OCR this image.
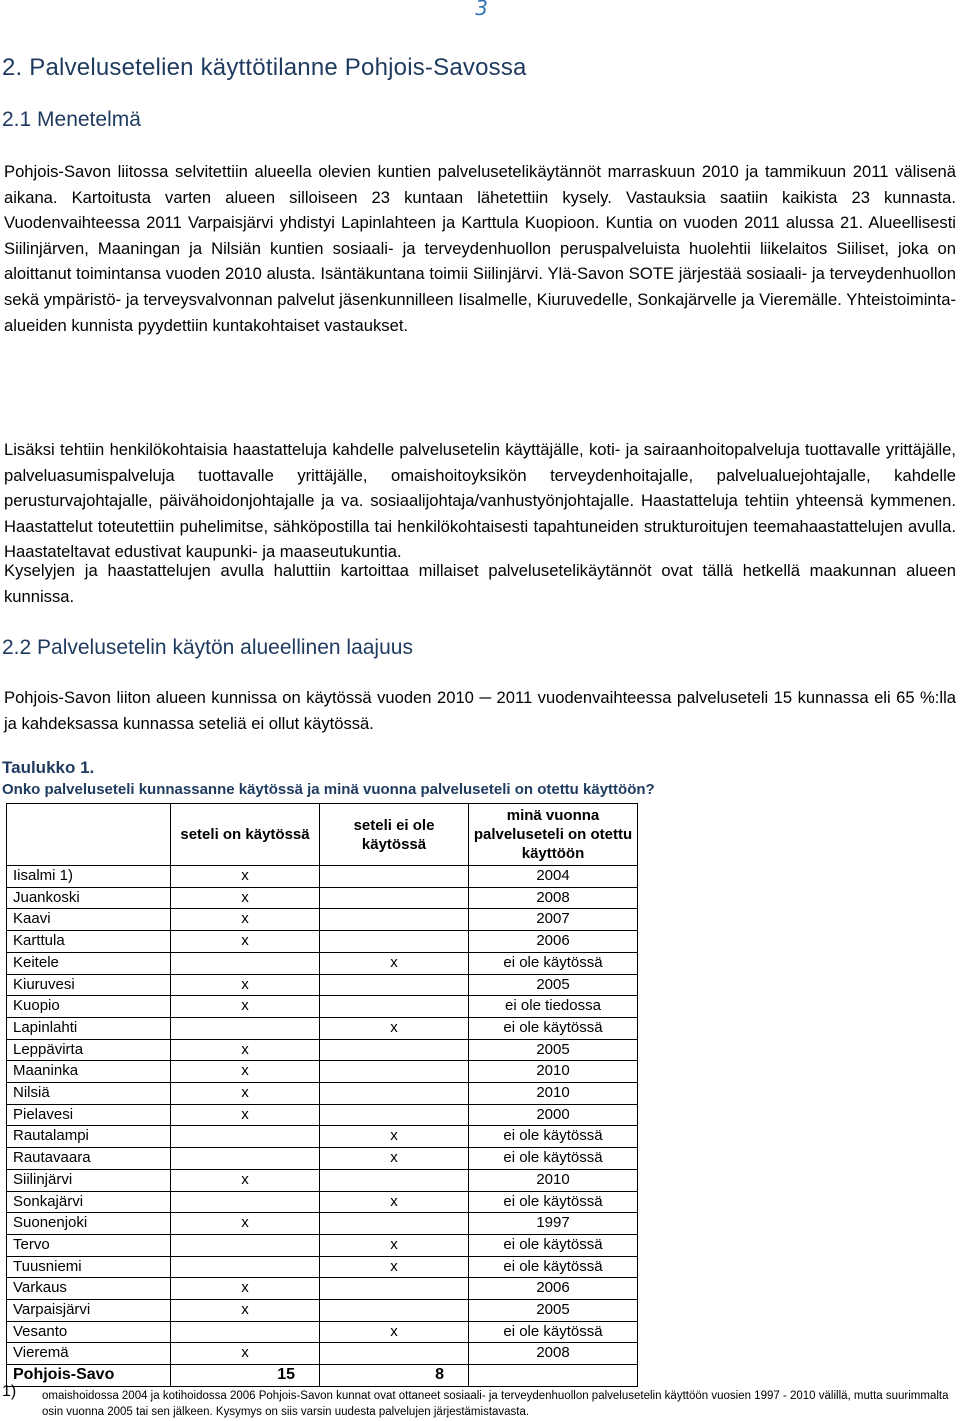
3
2. Palvelusetelien käyttötilanne Pohjois-Savossa
2.1 Menetelmä

Pohjois-Savon liitossa selvitettiin alueella olevien kuntien palvelusetelikäytännöt marraskuun 2010 ja tammikuun 2011 välisenä aikana. Kartoitusta varten alueen silloiseen 23 kuntaan lähetettiin kysely. Vastauksia saatiin kaikista 23 kunnasta. Vuodenvaihteessa 2011 Varpaisjärvi yhdistyi Lapinlahteen ja Karttula Kuopioon. Kuntia on vuoden 2011 alussa 21. Alueellisesti Siilinjärven, Maaningan ja Nilsiän kuntien sosiaali- ja terveydenhuollon peruspalveluista huolehtii liikelaitos Siiliset, joka on aloittanut toimintansa vuoden 2010 alusta. Isäntäkuntana toimii Siilinjärvi. Ylä-Savon SOTE järjestää sosiaali- ja terveydenhuollon sekä ympäristö- ja terveysvalvonnan palvelut jäsenkunnilleen Iisalmelle, Kiuruvedelle, Sonkajärvelle ja Vieremälle. Yhteistoiminta-alueiden kunnista pyydettiin kuntakohtaiset vastaukset.

Lisäksi tehtiin henkilökohtaisia haastatteluja kahdelle palvelusetelin käyttäjälle, koti- ja sairaanhoitopalveluja tuottavalle yrittäjälle, palveluasumispalveluja tuottavalle yrittäjälle, omaishoitoyksikön terveydenhoitajalle, palvelualuejohtajalle, kahdelle perusturvajohtajalle, päivähoidonjohtajalle ja va. sosiaalijohtaja/vanhustyönjohtajalle. Haastatteluja tehtiin yhteensä kymmenen. Haastattelut toteutettiin puhelimitse, sähköpostilla tai henkilökohtaisesti tapahtuneiden strukturoitujen teemahaastattelujen avulla. Haastateltavat edustivat kaupunki- ja maaseutukuntia.

Kyselyjen ja haastattelujen avulla haluttiin kartoittaa millaiset palvelusetelikäytännöt ovat tällä hetkellä maakunnan alueen kunnissa.

2.2 Palvelusetelin käytön alueellinen laajuus

Pohjois-Savon liiton alueen kunnissa on käytössä vuoden 2010 ─ 2011 vuodenvaihteessa palveluseteli 15 kunnassa eli 65 %:lla ja kahdeksassa kunnassa seteliä ei ollut käytössä.

Taulukko 1.
Onko palveluseteli kunnassanne käytössä ja minä vuonna palveluseteli on otettu käyttöön?
	seteli on käytössä	seteli ei ole käytössä	minä vuonna palveluseteli on otettu käyttöön
Iisalmi 1)	x		2004
Juankoski	x		2008
Kaavi	x		2007
Karttula	x		2006
Keitele		x	ei ole käytössä
Kiuruvesi	x		2005
Kuopio	x		ei ole tiedossa
Lapinlahti		x	ei ole käytössä
Leppävirta	x		2005
Maaninka	x		2010
Nilsiä	x		2010
Pielavesi	x		2000
Rautalampi		x	ei ole käytössä
Rautavaara		x	ei ole käytössä
Siilinjärvi	x		2010
Sonkajärvi		x	ei ole käytössä
Suonenjoki	x		1997
Tervo		x	ei ole käytössä
Tuusniemi		x	ei ole käytössä
Varkaus	x		2006
Varpaisjärvi	x		2005
Vesanto		x	ei ole käytössä
Vieremä	x		2008
Pohjois-Savo	15	8	
1) omaishoidossa 2004 ja kotihoidossa 2006 Pohjois-Savon kunnat ovat ottaneet sosiaali- ja terveydenhuollon palvelusetelin käyttöön vuosien 1997 - 2010 välillä, mutta suurimmalta osin vuonna 2005 tai sen jälkeen. Kysymys on siis varsin uudesta palvelujen järjestämistavasta.
